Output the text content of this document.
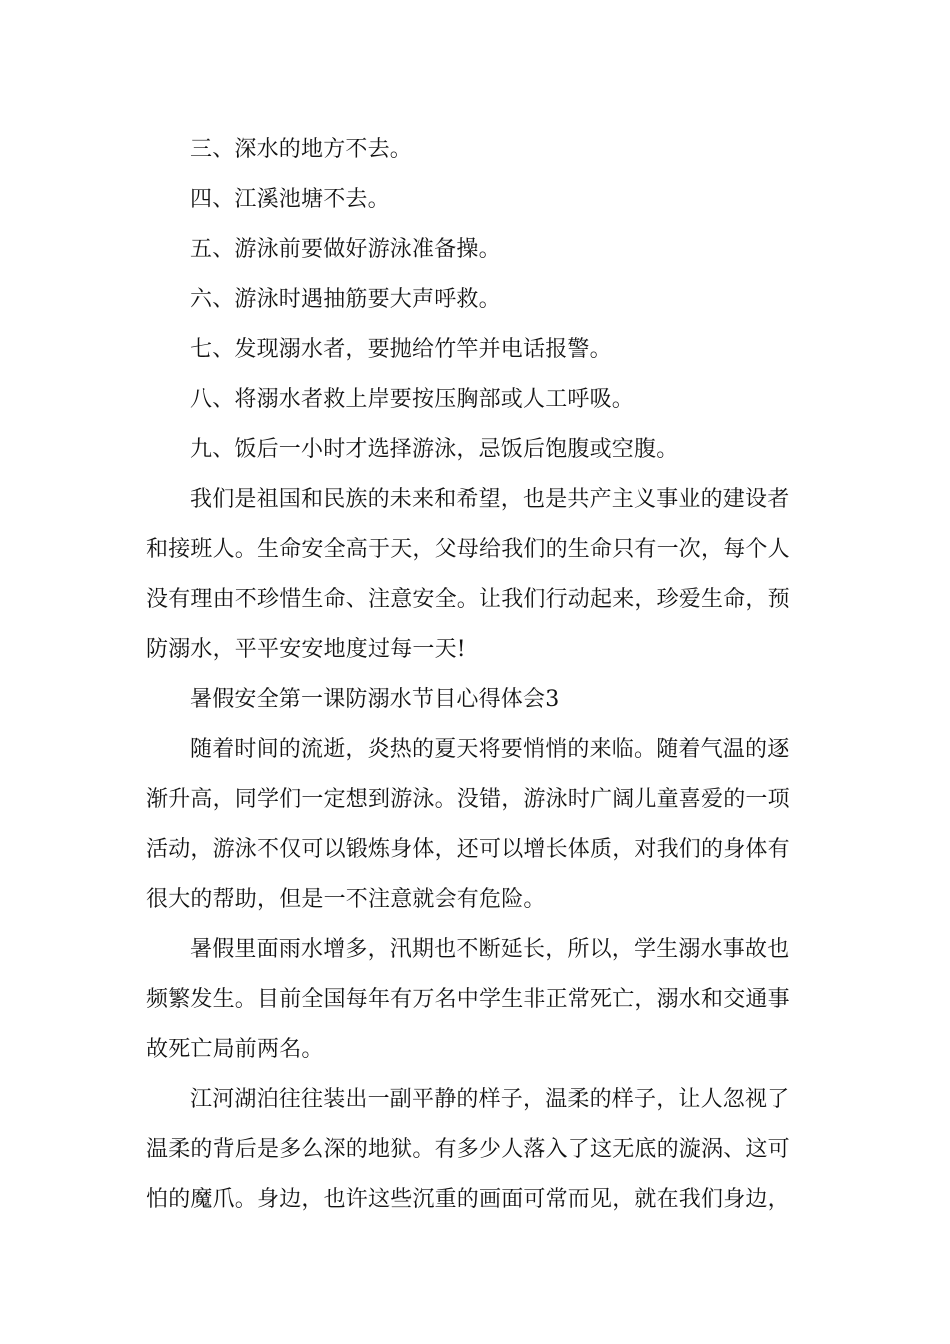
三、深水的地方不去。
四、江溪池塘不去。
五、游泳前要做好游泳准备操。
六、游泳时遇抽筋要大声呼救。
七、发现溺水者，要抛给竹竿并电话报警。
八、将溺水者救上岸要按压胸部或人工呼吸。
九、饭后一小时才选择游泳，忌饭后饱腹或空腹。
我们是祖国和民族的未来和希望，也是共产主义事业的建设者
和接班人。生命安全高于天，父母给我们的生命只有一次，每个人
没有理由不珍惜生命、注意安全。让我们行动起来，珍爱生命，预
防溺水，平平安安地度过每一天!
暑假安全第一课防溺水节目心得体会3
随着时间的流逝，炎热的夏天将要悄悄的来临。随着气温的逐
渐升高，同学们一定想到游泳。没错，游泳时广阔儿童喜爱的一项
活动，游泳不仅可以锻炼身体，还可以增长体质，对我们的身体有
很大的帮助，但是一不注意就会有危险。
暑假里面雨水增多，汛期也不断延长，所以，学生溺水事故也
频繁发生。目前全国每年有万名中学生非正常死亡，溺水和交通事
故死亡局前两名。
江河湖泊往往装出一副平静的样子，温柔的样子，让人忽视了
温柔的背后是多么深的地狱。有多少人落入了这无底的漩涡、这可
怕的魔爪。身边，也许这些沉重的画面可常而见，就在我们身边，
